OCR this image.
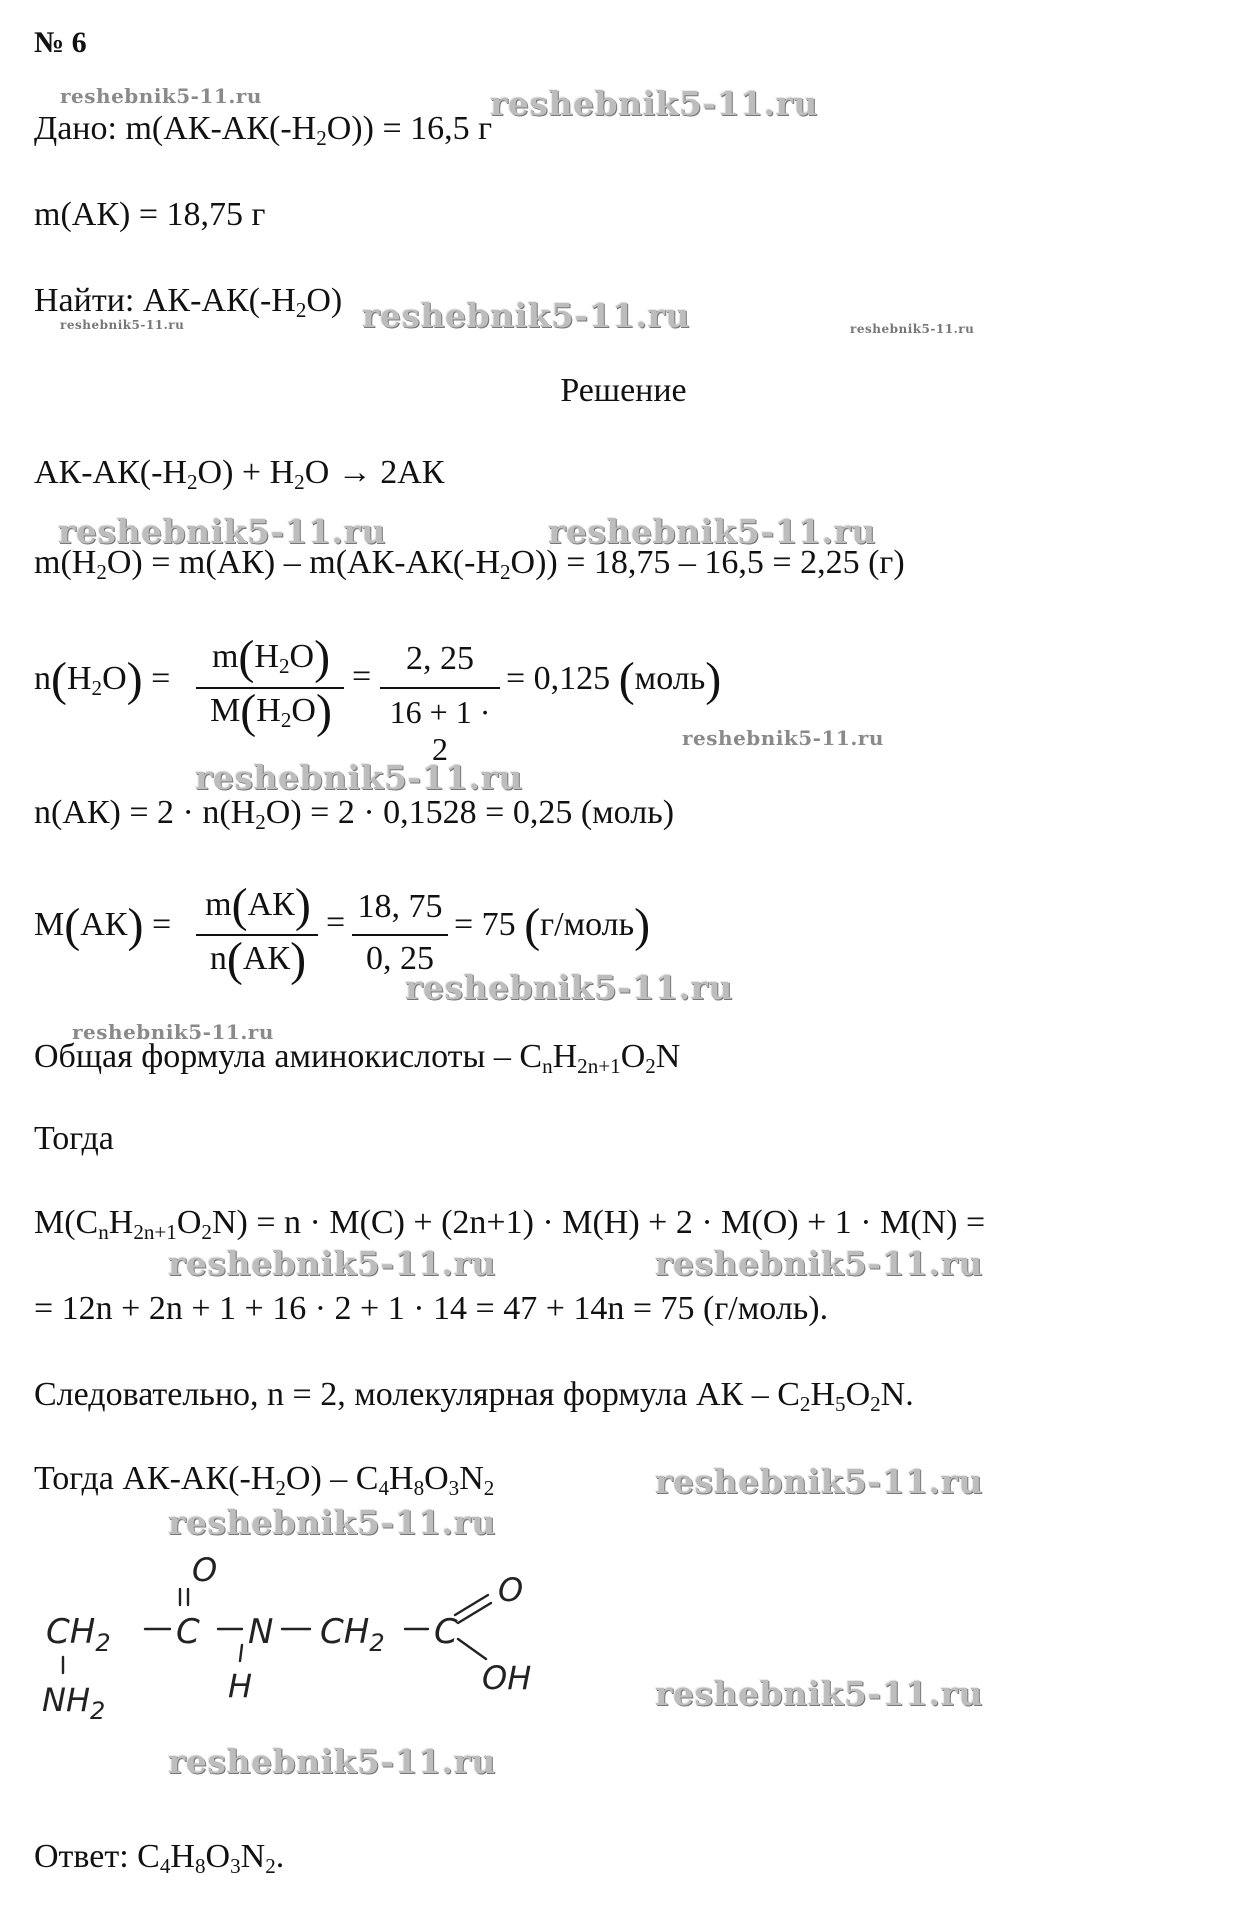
№ 6
reshebnik5-11.ru	reshebnik5-11.ru
reshebnik5-11.ru
reshebnik5-11.ru	reshebnik5-11.ru
reshebnik5-11.ru	reshebnik5-11.ru
reshebnik5-11.ru
reshebnik5-11.ru
reshebnik5-11.ru
reshebnik5-11.ru
reshebnik5-11.ru	reshebnik5-11.ru
reshebnik5-11.ru
reshebnik5-11.ru
reshebnik5-11.ru
reshebnik5-11.ru
Дано: $m(АК-АК(-H_2O)) = 16,5$ г
m(АК) = 18,75 г
Найти: $АК-АК(-H_2O)$
Решение
$АК-АК(-H_2O) + H_2O \to 2АК$
$m(H_2O) = m(АК) - m(АК-АК(-H_2O)) = 18,75 - 16,5 = 2,25$ (г)
$n(H_2O)$ =
$m(H_2O)$
$M(H_2O)$
=	2, 25
16 + 1 · 2
= 0,125 (моль)
$n(АК) = 2 \cdot n(H_2O) = 2 \cdot 0,1528 = 0,25$ (моль)
M(АК) =
m(АК)
n(АК)
= 18, 75
0, 25
= 75 (г/моль)
Общая формула аминокислоты – $C_nH_{2n+1}O_2N$
Тогда
$M(C_nH_{2n+1}O_2N) = n \cdot M(C) + (2n+1) \cdot M(H) + 2 \cdot M(O) + 1 \cdot M(N)$ =
= 12n + 2n + 1 + 16 · 2 + 1 · 14 = 47 + 14n = 75 (г/моль).
Следовательно, n = 2, молекулярная формула АК – $C_2H_5O_2N$.
Тогда $АК-АК(-H_2O) - C_4H_8O_3N_2$
O
$CH_2$ C N $CH_2$ C
O
OH
H
$NH_2$
Ответ: $C_4H_8O_3N_2$.
